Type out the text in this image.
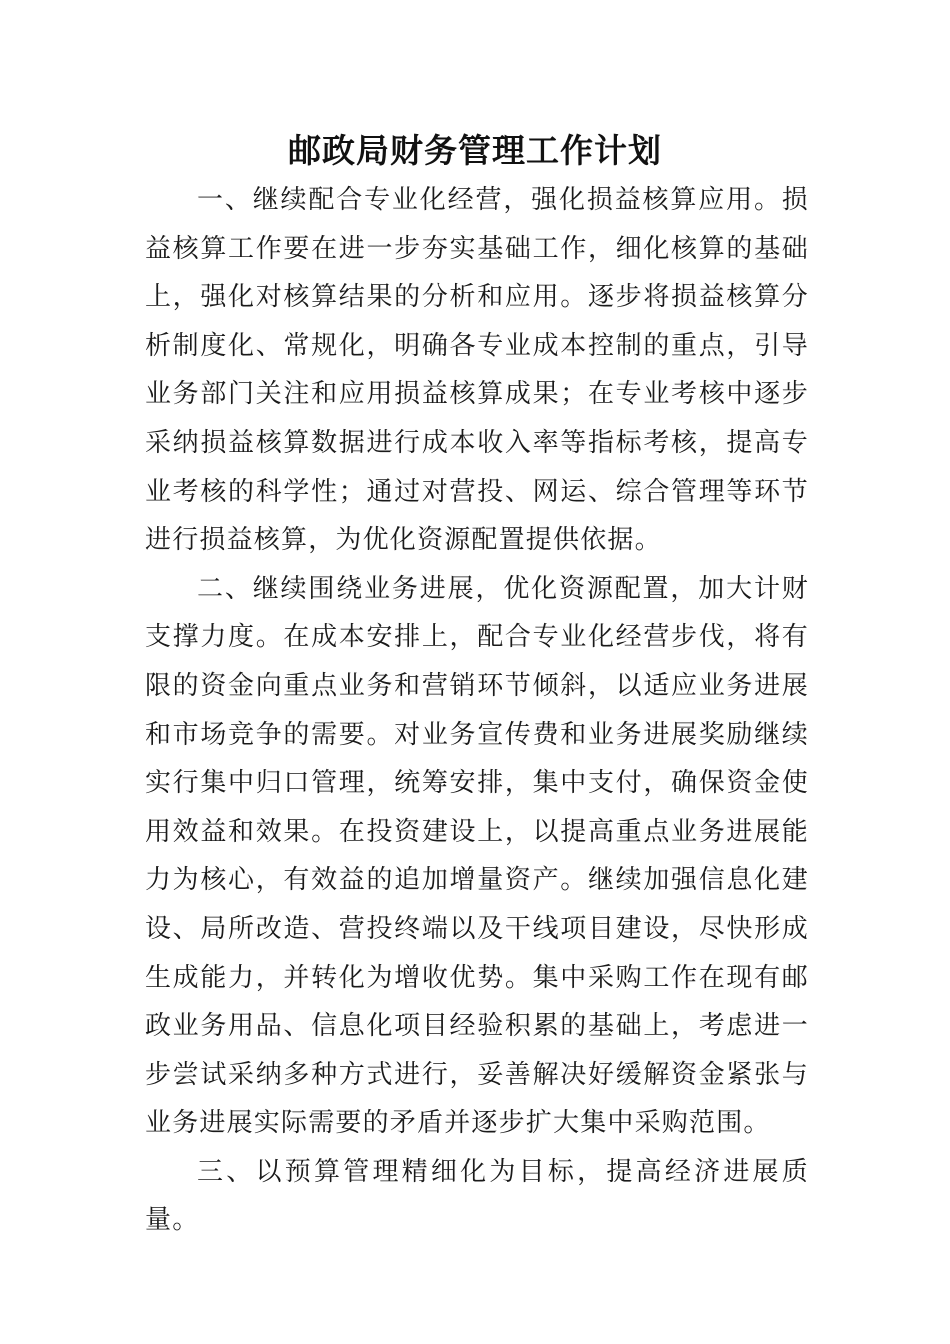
邮政局财务管理工作计划

一、继续配合专业化经营，强化损益核算应用。损益核算工作要在进一步夯实基础工作，细化核算的基础上，强化对核算结果的分析和应用。逐步将损益核算分析制度化、常规化，明确各专业成本控制的重点，引导业务部门关注和应用损益核算成果；在专业考核中逐步采纳损益核算数据进行成本收入率等指标考核，提高专业考核的科学性；通过对营投、网运、综合管理等环节进行损益核算，为优化资源配置提供依据。

二、继续围绕业务进展，优化资源配置，加大计财支撑力度。在成本安排上，配合专业化经营步伐，将有限的资金向重点业务和营销环节倾斜，以适应业务进展和市场竞争的需要。对业务宣传费和业务进展奖励继续实行集中归口管理，统筹安排，集中支付，确保资金使用效益和效果。在投资建设上，以提高重点业务进展能力为核心，有效益的追加增量资产。继续加强信息化建设、局所改造、营投终端以及干线项目建设，尽快形成生成能力，并转化为增收优势。集中采购工作在现有邮政业务用品、信息化项目经验积累的基础上，考虑进一步尝试采纳多种方式进行，妥善解决好缓解资金紧张与业务进展实际需要的矛盾并逐步扩大集中采购范围。

三、以预算管理精细化为目标，提高经济进展质量。
